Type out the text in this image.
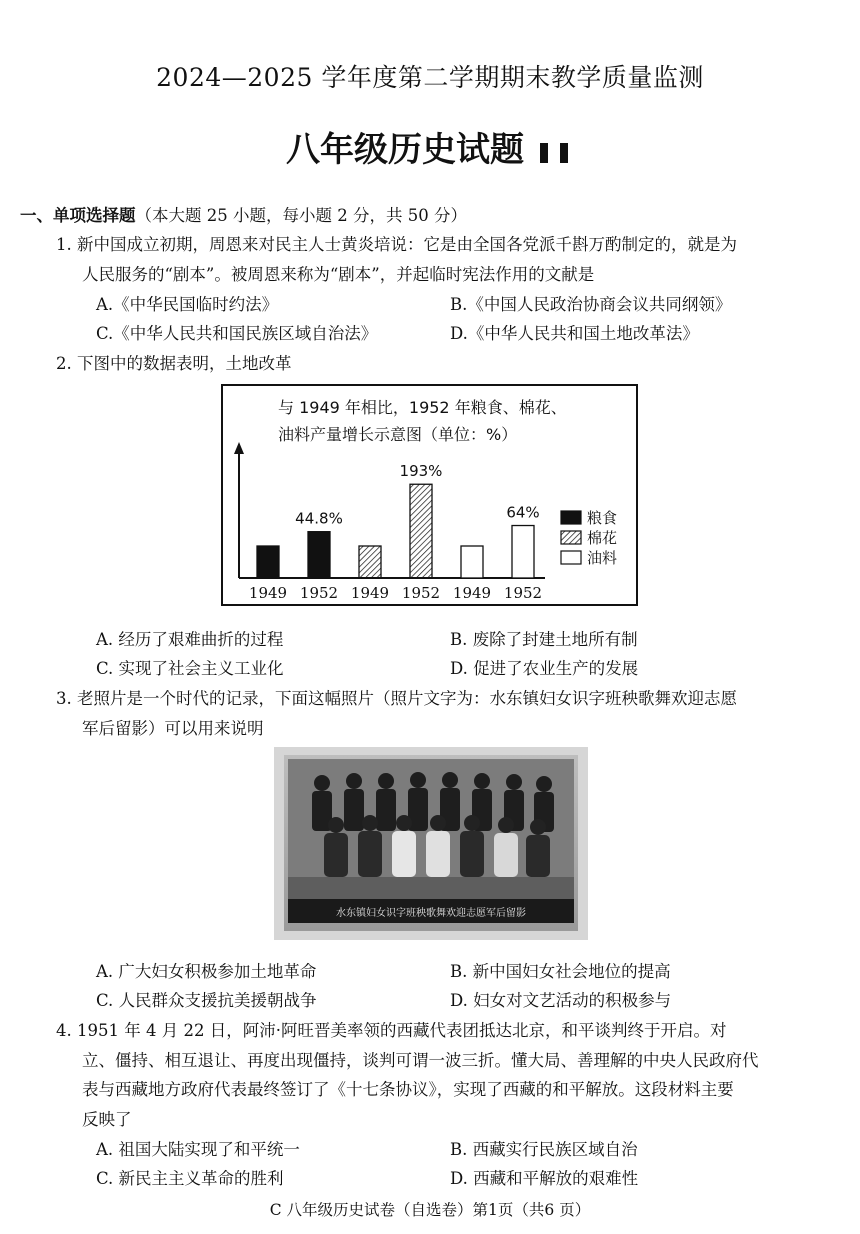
2024—2025 学年度第二学期期末教学质量监测
八年级历史试题
一、单项选择题（本大题 25 小题，每小题 2 分，共 50 分）
1. 新中国成立初期，周恩来对民主人士黄炎培说：它是由全国各党派千斟万酌制定的，就是为
人民服务的“剧本”。被周恩来称为“剧本”，并起临时宪法作用的文献是
A.《中华民国临时约法》	B.《中国人民政治协商会议共同纲领》
C.《中华人民共和国民族区域自治法》	D.《中华人民共和国土地改革法》
2. 下图中的数据表明，土地改革
与 1949 年相比，1952 年粮食、棉花、
油料产量增长示意图（单位：%）
44.8%
193%
64%
1949 1952 1949 1952 1949 1952
粮食
棉花
油料
A. 经历了艰难曲折的过程	B. 废除了封建土地所有制
C. 实现了社会主义工业化	D. 促进了农业生产的发展
3. 老照片是一个时代的记录，下面这幅照片（照片文字为：水东镇妇女识字班秧歌舞欢迎志愿
军后留影）可以用来说明
水东镇妇女识字班秧歌舞欢迎志愿军后留影
A. 广大妇女积极参加土地革命	B. 新中国妇女社会地位的提高
C. 人民群众支援抗美援朝战争	D. 妇女对文艺活动的积极参与
4. 1951 年 4 月 22 日，阿沛·阿旺晋美率领的西藏代表团抵达北京，和平谈判终于开启。对
立、僵持、相互退让、再度出现僵持，谈判可谓一波三折。懂大局、善理解的中央人民政府代
表与西藏地方政府代表最终签订了《十七条协议》，实现了西藏的和平解放。这段材料主要
反映了
A. 祖国大陆实现了和平统一	B. 西藏实行民族区域自治
C. 新民主主义革命的胜利	D. 西藏和平解放的艰难性
C 八年级历史试卷（自选卷）第1页（共6 页）
